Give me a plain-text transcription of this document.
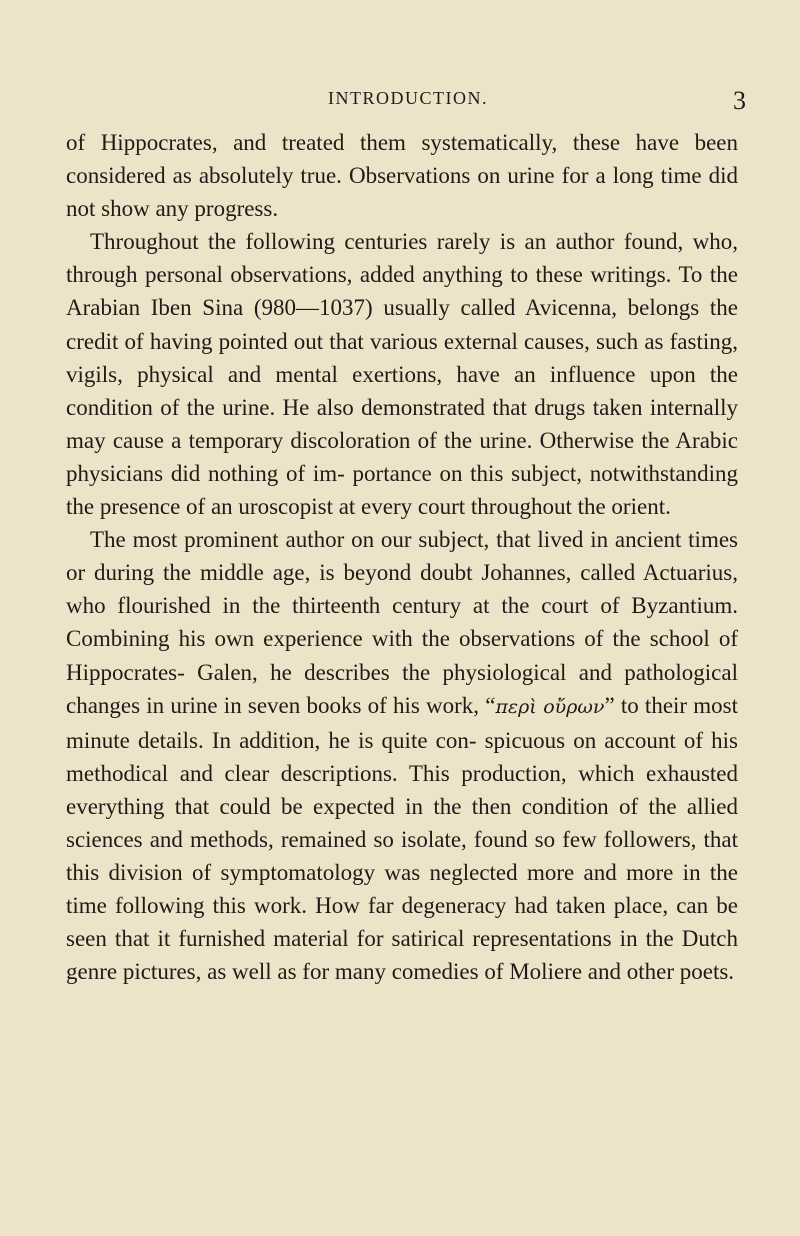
INTRODUCTION.	3

of Hippocrates, and treated them systematically, these have been considered as absolutely true. Observations on urine for a long time did not show any progress.

Throughout the following centuries rarely is an author found, who, through personal observations, added anything to these writings. To the Arabian Iben Sina (980—1037) usually called Avicenna, belongs the credit of having pointed out that various external causes, such as fasting, vigils, physical and mental exertions, have an influence upon the condition of the urine. He also demonstrated that drugs taken internally may cause a temporary discoloration of the urine. Otherwise the Arabic physicians did nothing of im- portance on this subject, notwithstanding the presence of an uroscopist at every court throughout the orient.

The most prominent author on our subject, that lived in ancient times or during the middle age, is beyond doubt Johannes, called Actuarius, who flourished in the thirteenth century at the court of Byzantium. Combining his own experience with the observations of the school of Hippocrates- Galen, he describes the physiological and pathological changes in urine in seven books of his work, “περὶ οὔρων” to their most minute details. In addition, he is quite con- spicuous on account of his methodical and clear descriptions. This production, which exhausted everything that could be expected in the then condition of the allied sciences and methods, remained so isolate, found so few followers, that this division of symptomatology was neglected more and more in the time following this work. How far degeneracy had taken place, can be seen that it furnished material for satirical representations in the Dutch genre pictures, as well as for many comedies of Moliere and other poets.
